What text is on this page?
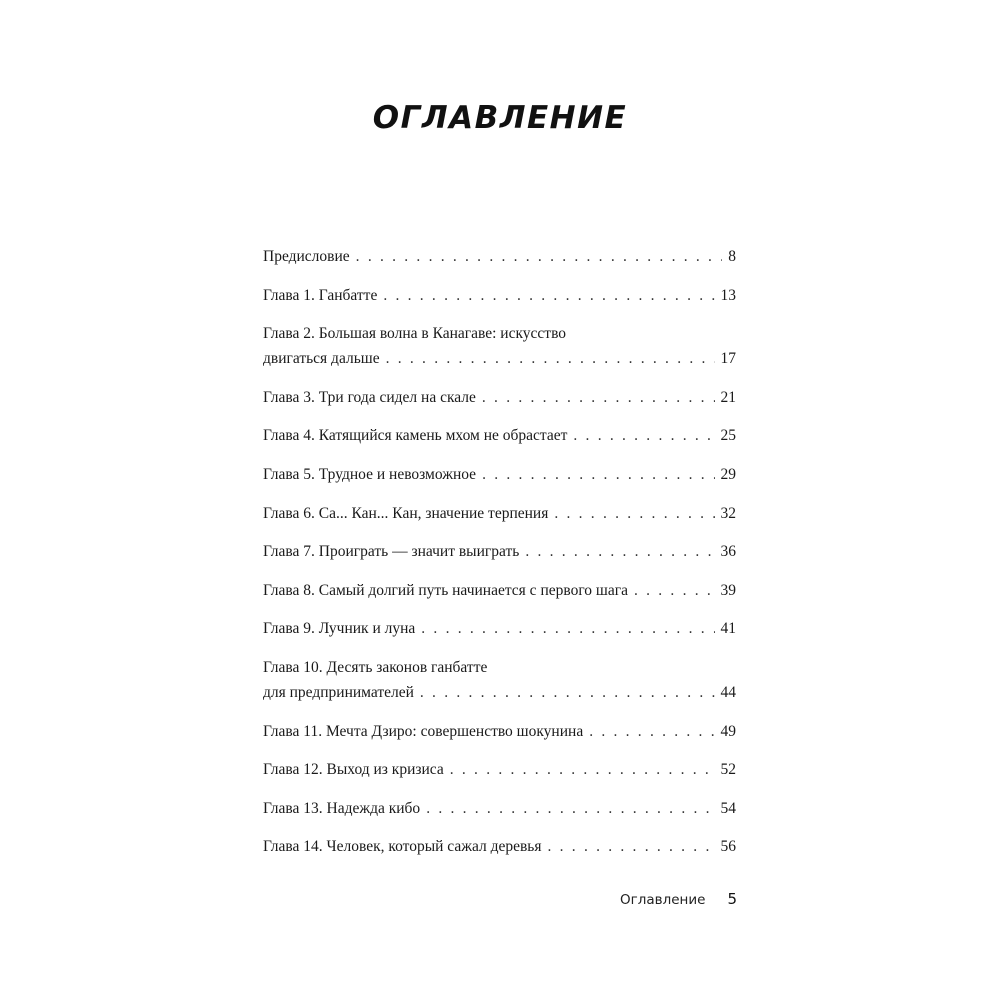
ОГЛАВЛЕНИЕ
Предисловие . . .	8
Глава 1. Ганбатте . . .	13
Глава 2. Большая волна в Канагаве: искусство
двигаться дальше . . .	17
Глава 3. Три года сидел на скале . . .	21
Глава 4. Катящийся камень мхом не обрастает . . .	25
Глава 5. Трудное и невозможное . . .	29
Глава 6. Са... Кан... Кан, значение терпения . . .	32
Глава 7. Проиграть — значит выиграть . . .	36
Глава 8. Самый долгий путь начинается с первого шага . . .	39
Глава 9. Лучник и луна . . .	41
Глава 10. Десять законов ганбатте
для предпринимателей . . .	44
Глава 11. Мечта Дзиро: совершенство шокунина . . .	49
Глава 12. Выход из кризиса . . .	52
Глава 13. Надежда кибо . . .	54
Глава 14. Человек, который сажал деревья . . .	56
Оглавление 5
